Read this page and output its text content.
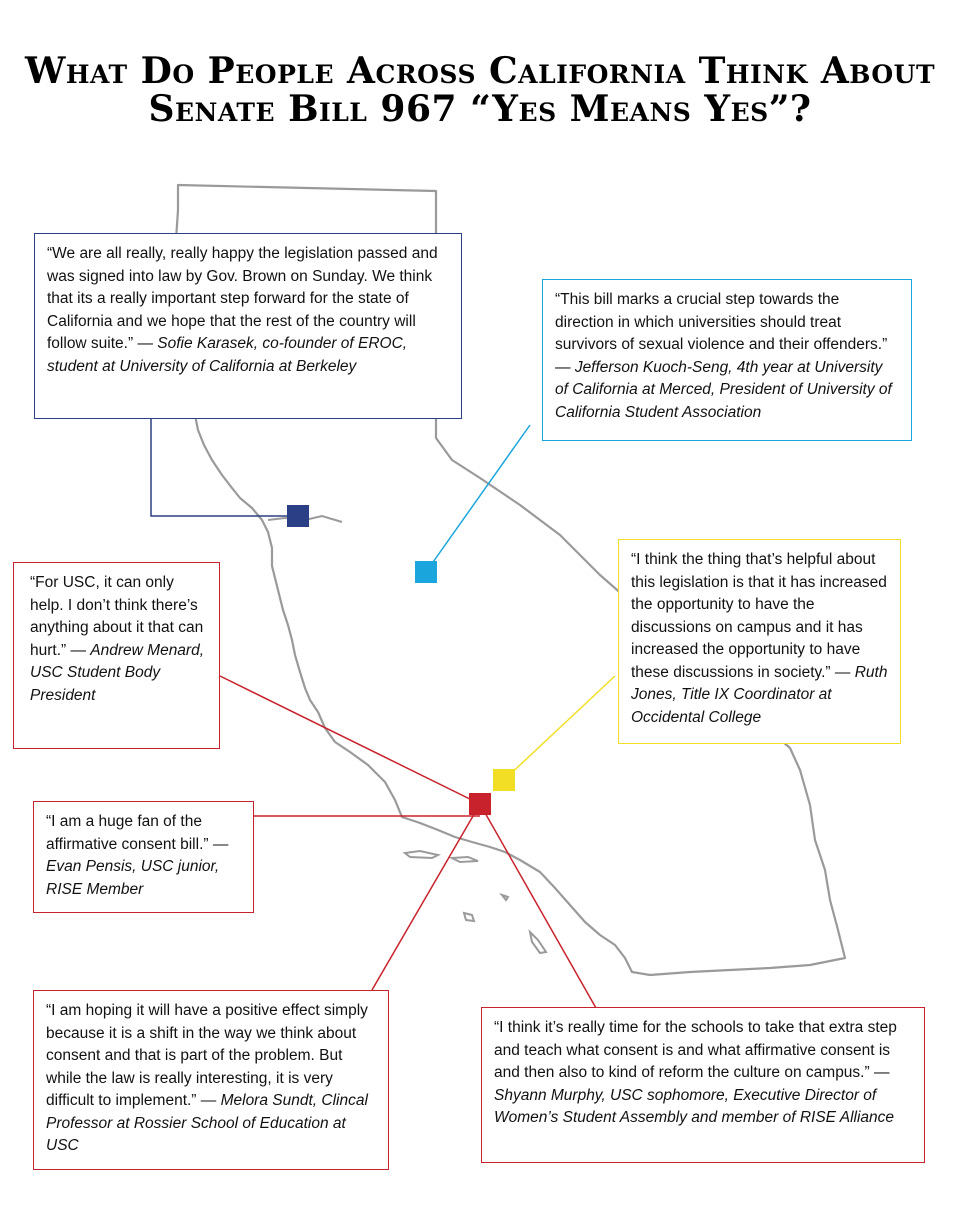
What Do People Across California Think About
Senate Bill 967 “Yes Means Yes”?
“We are all really, really happy the legislation passed and was signed into law by Gov. Brown on Sunday. We think that its a really important step forward for the state of California and we hope that the rest of the country will follow suite.” — Sofie Karasek, co-founder of EROC, student at University of California at Berkeley
“This bill marks a crucial step towards the direction in which universities should treat survivors of sexual violence and their offenders.” — Jefferson Kuoch-Seng, 4th year at University of California at Merced, President of University of California Student Association
“I think the thing that’s helpful about this legislation is that it has increased the opportunity to have the discussions on campus and it has increased the opportunity to have these discussions in society.” — Ruth Jones, Title IX Coordinator at Occidental College
“For USC, it can only help. I don’t think there’s anything about it that can hurt.” — Andrew Menard, USC Student Body President
“I am a huge fan of the affirmative consent bill.” — Evan Pensis, USC junior, RISE Member
“I am hoping it will have a positive effect simply because it is a shift in the way we think about consent and that is part of the problem. But while the law is really interesting, it is very difficult to implement.” — Melora Sundt, Clincal Professor at Rossier School of Education at USC
“I think it’s really time for the schools to take that extra step and teach what consent is and what affirmative consent is and then also to kind of reform the culture on campus.” — Shyann Murphy, USC sophomore, Executive Director of Women’s Student Assembly and member of RISE Alliance
